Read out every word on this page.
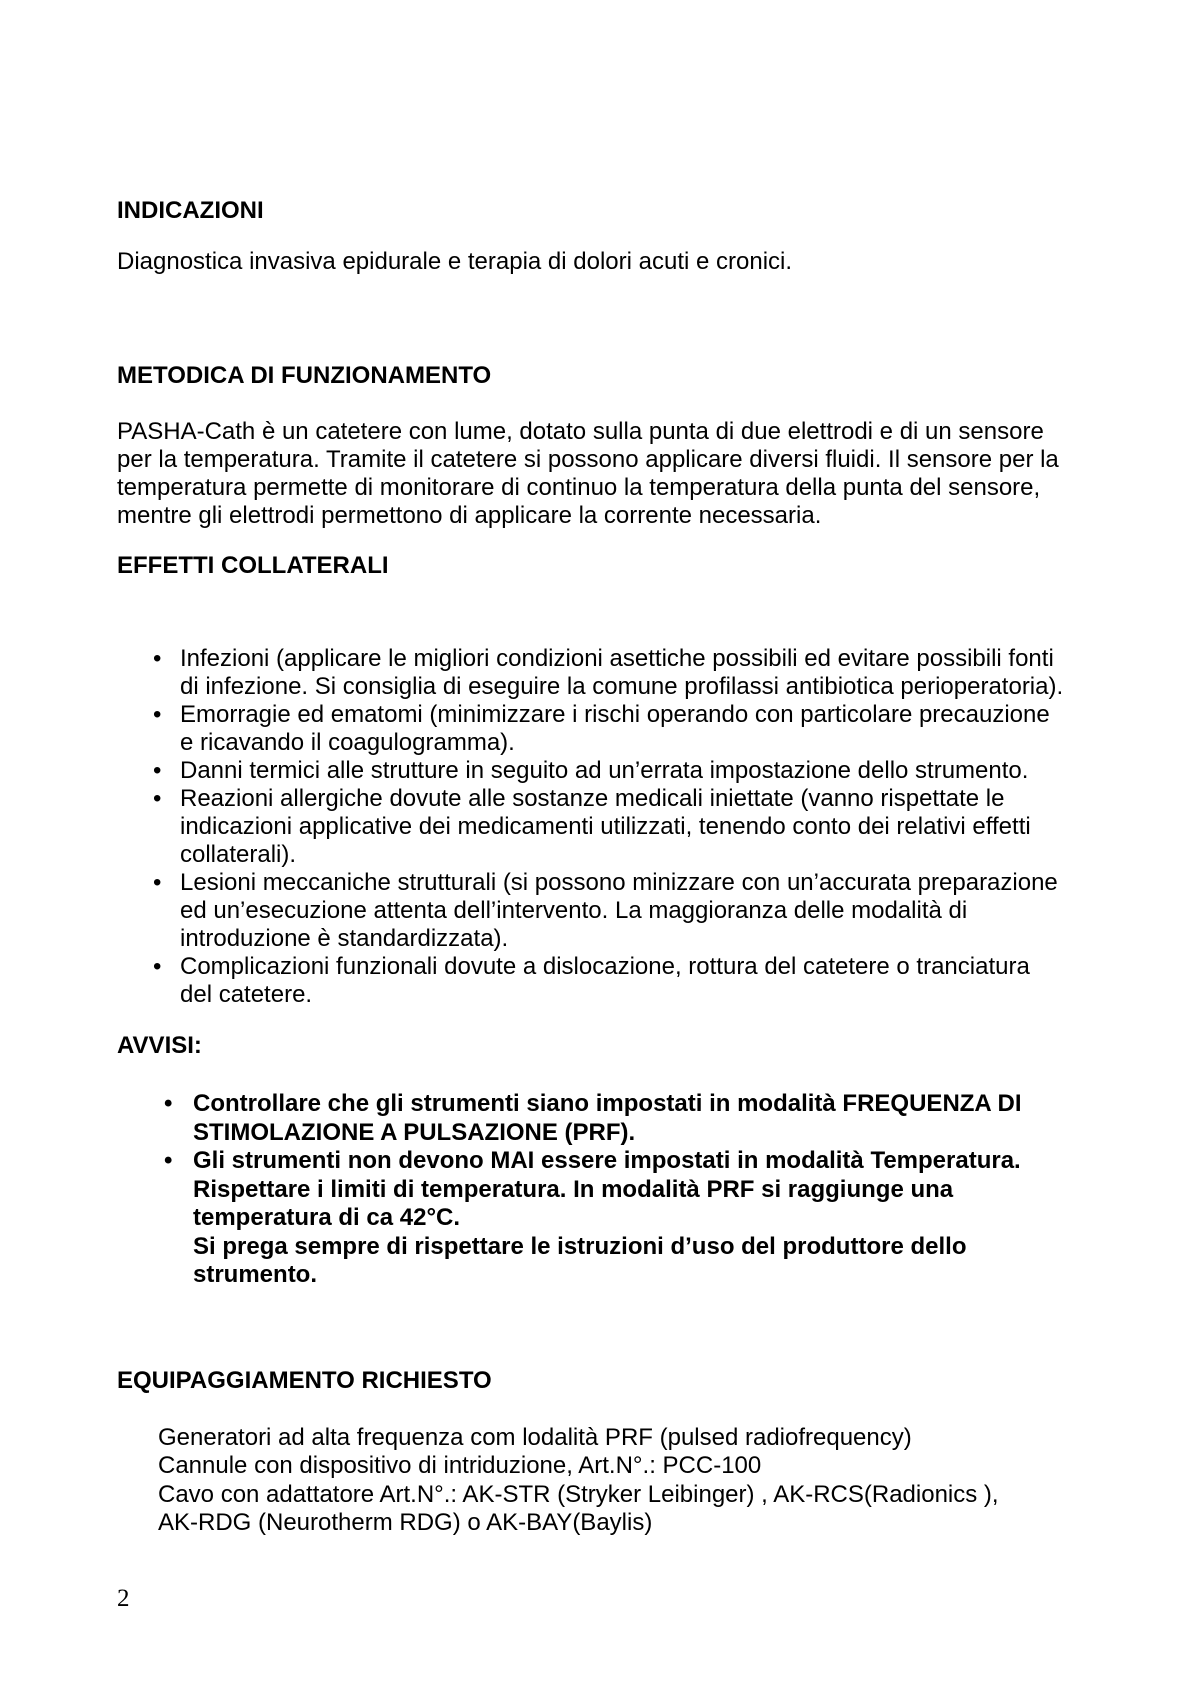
INDICAZIONI
Diagnostica invasiva epidurale e terapia di dolori acuti e cronici.
METODICA DI FUNZIONAMENTO
PASHA-Cath è un catetere con lume, dotato sulla punta di due elettrodi e di un sensore
per la temperatura. Tramite il catetere si possono applicare diversi fluidi. Il sensore per la
temperatura permette di monitorare di continuo la temperatura della punta del sensore,
mentre gli elettrodi permettono di applicare la corrente necessaria.
EFFETTI COLLATERALI
• Infezioni (applicare le migliori condizioni asettiche possibili ed evitare possibili fonti
di infezione. Si consiglia di eseguire la comune profilassi antibiotica perioperatoria).
• Emorragie ed ematomi (minimizzare i rischi operando con particolare precauzione
e ricavando il coagulogramma).
• Danni termici alle strutture in seguito ad un’errata impostazione dello strumento.
• Reazioni allergiche dovute alle sostanze medicali iniettate (vanno rispettate le
indicazioni applicative dei medicamenti utilizzati, tenendo conto dei relativi effetti
collaterali).
• Lesioni meccaniche strutturali (si possono minizzare con un’accurata preparazione
ed un’esecuzione attenta dell’intervento. La maggioranza delle modalità di
introduzione è standardizzata).
• Complicazioni funzionali dovute a dislocazione, rottura del catetere o tranciatura
del catetere.
AVVISI:
• Controllare che gli strumenti siano impostati in modalità FREQUENZA DI
STIMOLAZIONE A PULSAZIONE (PRF).
• Gli strumenti non devono MAI essere impostati in modalità Temperatura.
Rispettare i limiti di temperatura. In modalità PRF si raggiunge una
temperatura di ca 42°C.
Si prega sempre di rispettare le istruzioni d’uso del produttore dello
strumento.
EQUIPAGGIAMENTO RICHIESTO
Generatori ad alta frequenza com lodalità PRF (pulsed radiofrequency)
Cannule con dispositivo di intriduzione, Art.N°.: PCC-100
Cavo con adattatore Art.N°.: AK-STR (Stryker Leibinger) , AK-RCS(Radionics ),
AK-RDG (Neurotherm RDG) o AK-BAY(Baylis)
2
